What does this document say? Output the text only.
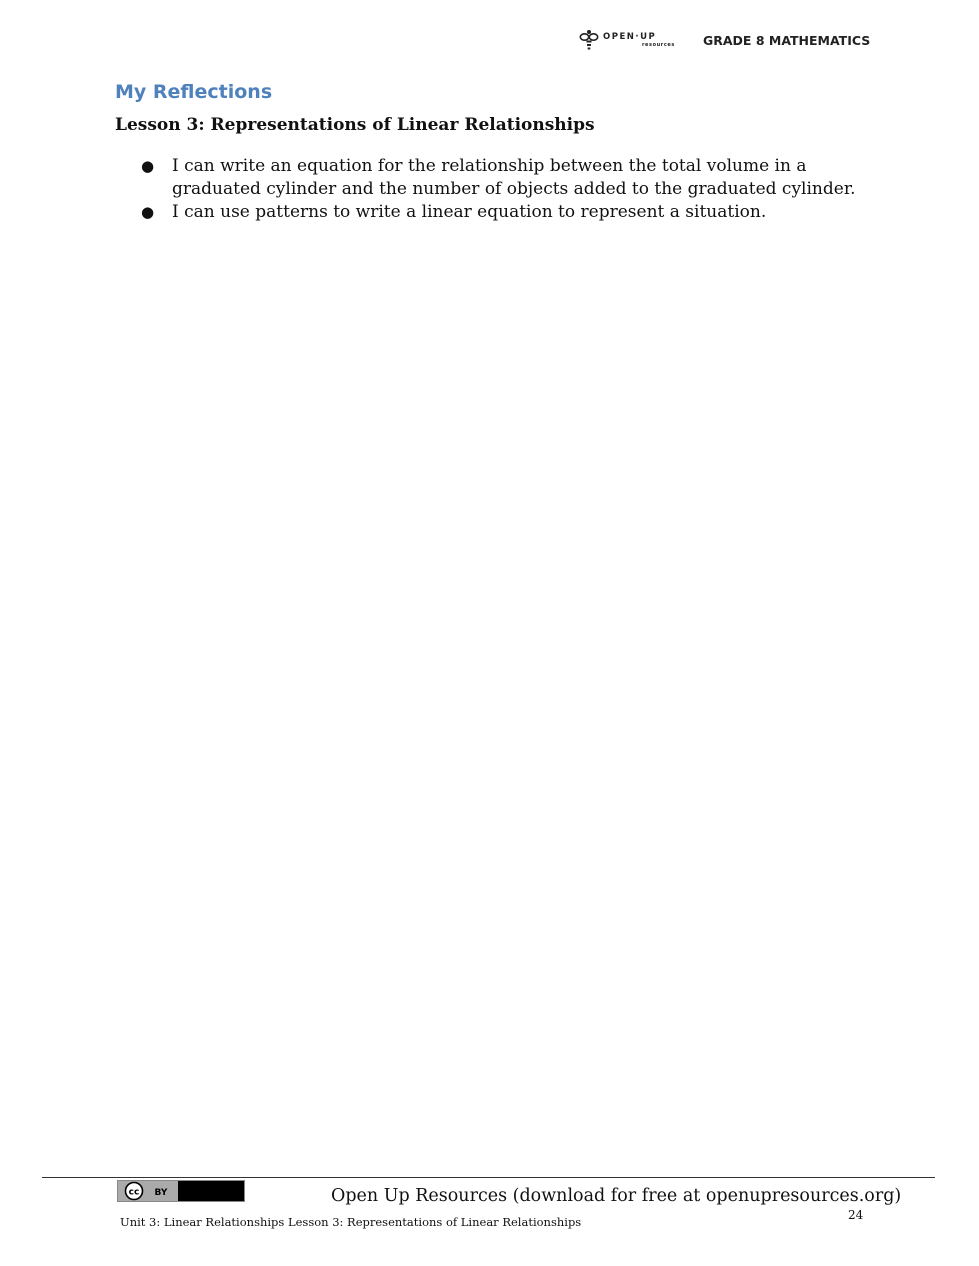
OPEN·UP
resources GRADE 8 MATHEMATICS
My Reflections
Lesson 3: Representations of Linear Relationships
● I can write an equation for the relationship between the total volume in a graduated cylinder and the number of objects added to the graduated cylinder.
● I can use patterns to write a linear equation to represent a situation.
cc BY	Open Up Resources (download for free at openupresources.org)

24
Unit 3: Linear Relationships Lesson 3: Representations of Linear Relationships
